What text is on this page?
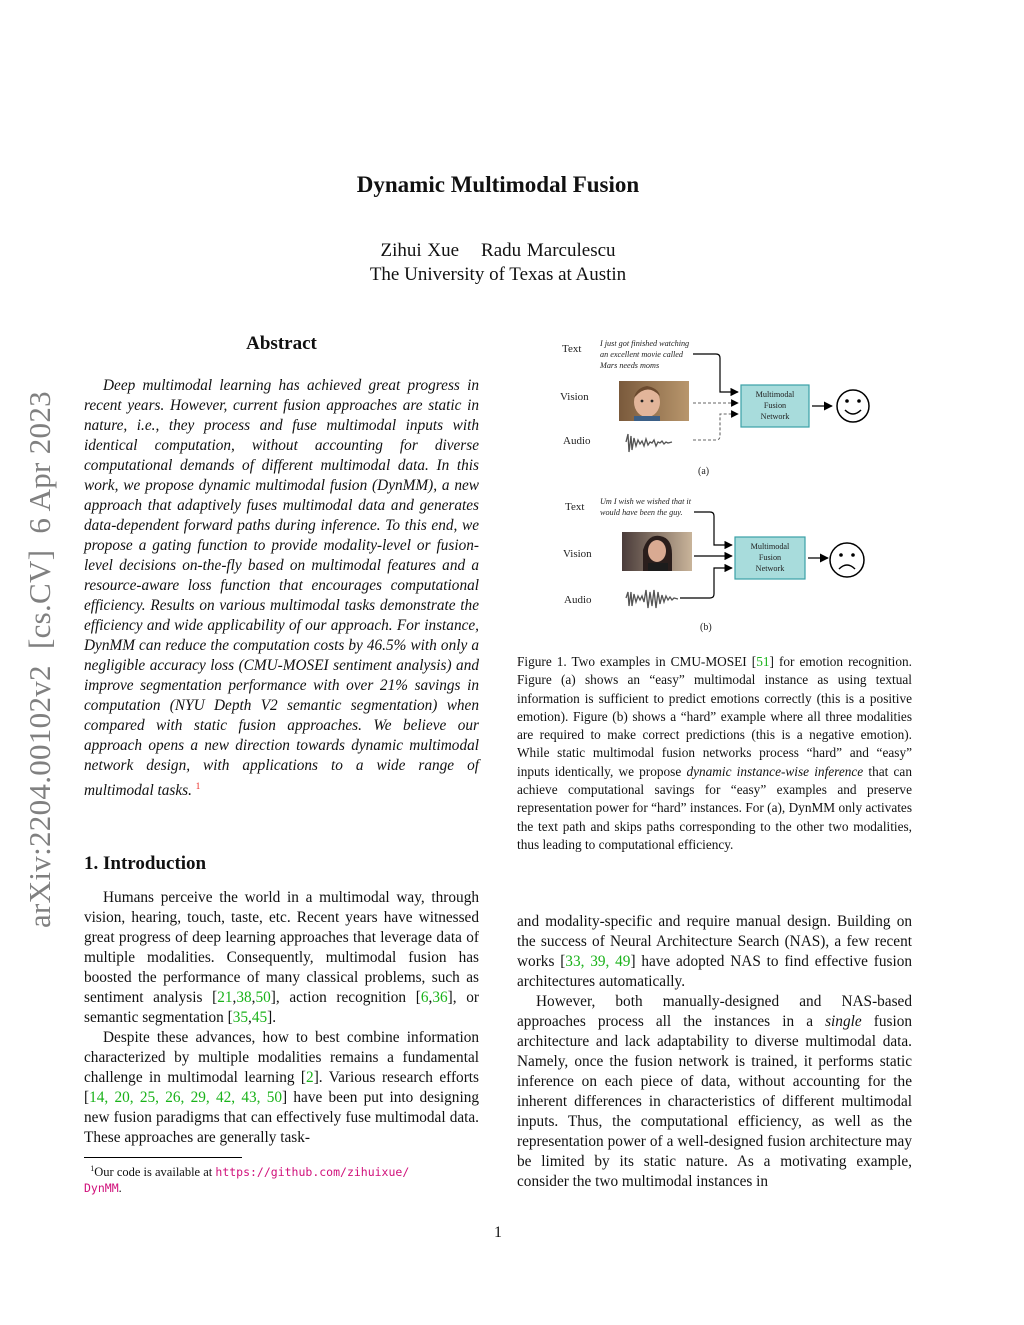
Dynamic Multimodal Fusion
Zihui Xue Radu Marculescu
The University of Texas at Austin
arXiv:2204.00102v2  [cs.CV]  6 Apr 2023
Abstract

Deep multimodal learning has achieved great progress in recent years. However, current fusion approaches are static in nature, i.e., they process and fuse multimodal inputs with identical computation, without accounting for diverse computational demands of different multimodal data. In this work, we propose dynamic multimodal fusion (DynMM), a new approach that adaptively fuses multimodal data and generates data-dependent forward paths during inference. To this end, we propose a gating function to provide modality-level or fusion-level decisions on-the-fly based on multimodal features and a resource-aware loss function that encourages computational efficiency. Results on various multimodal tasks demonstrate the efficiency and wide applicability of our approach. For instance, DynMM can reduce the computation costs by 46.5% with only a negligible accuracy loss (CMU-MOSEI sentiment analysis) and improve segmentation performance with over 21% savings in computation (NYU Depth V2 semantic segmentation) when compared with static fusion approaches. We believe our approach opens a new direction towards dynamic multimodal network design, with applications to a wide range of multimodal tasks. $^1$

1. Introduction

Humans perceive the world in a multimodal way, through vision, hearing, touch, taste, etc. Recent years have witnessed great progress of deep learning approaches that leverage data of multiple modalities. Consequently, multimodal fusion has boosted the performance of many classical problems, such as sentiment analysis [21,38,50], action recognition [6,36], or semantic segmentation [35,45].

Despite these advances, how to best combine information characterized by multiple modalities remains a fundamental challenge in multimodal learning [2]. Various research efforts [14, 20, 25, 26, 29, 42, 43, 50] have been put into designing new fusion paradigms that can effectively fuse multimodal data. These approaches are generally task-

$^1$Our code is available at https://github.com/zihuixue/
DynMM.
Text
Vision
Audio
I just got finished watching
an excellent movie called
Mars needs moms
Multimodal
Fusion
Network
(a)
Text
Vision
Audio
Um I wish we wished that it
would have been the guy.
Multimodal
Fusion
Network
(b)
Figure 1. Two examples in CMU-MOSEI [51] for emotion recognition. Figure (a) shows an “easy” multimodal instance as using textual information is sufficient to predict emotions correctly (this is a positive emotion). Figure (b) shows a “hard” example where all three modalities are required to make correct predictions (this is a negative emotion). While static multimodal fusion networks process “hard” and “easy” inputs identically, we propose dynamic instance-wise inference that can achieve computational savings for “easy” examples and preserve representation power for “hard” instances. For (a), DynMM only activates the text path and skips paths corresponding to the other two modalities, thus leading to computational efficiency.

and modality-specific and require manual design. Building on the success of Neural Architecture Search (NAS), a few recent works [33, 39, 49] have adopted NAS to find effective fusion architectures automatically.

However, both manually-designed and NAS-based approaches process all the instances in a single fusion architecture and lack adaptability to diverse multimodal data. Namely, once the fusion network is trained, it performs static inference on each piece of data, without accounting for the inherent differences in characteristics of different multimodal inputs. Thus, the computational efficiency, as well as the representation power of a well-designed fusion architecture may be limited by its static nature. As a motivating example, consider the two multimodal instances in

1
